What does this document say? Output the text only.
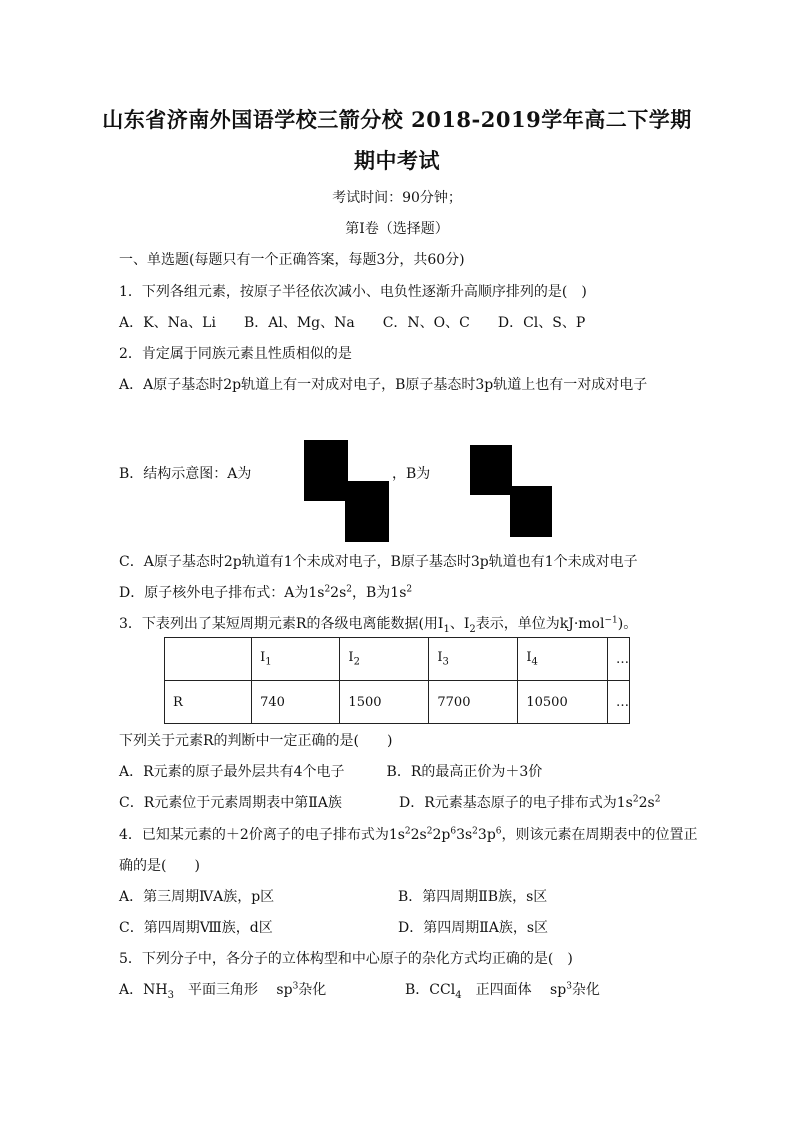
山东省济南外国语学校三箭分校 2018-2019学年高二下学期
期中考试
考试时间：90分钟；
第Ⅰ卷（选择题）
一、单选题(每题只有一个正确答案，每题3分，共60分)
1．下列各组元素，按原子半径依次减小、电负性逐渐升高顺序排列的是(　)
A．K、Na、Li　　B．Al、Mg、Na　　C．N、O、C　　D．Cl、S、P
2．肯定属于同族元素且性质相似的是
A．A原子基态时2p轨道上有一对成对电子，B原子基态时3p轨道上也有一对成对电子
B．结构示意图：A为	，B为
C．A原子基态时2p轨道有1个未成对电子，B原子基态时3p轨道也有1个未成对电子
D．原子核外电子排布式：A为$1s^22s^2$，B为$1s^2$
3．下表列出了某短周期元素R的各级电离能数据(用$I_1$、$I_2$表示，单位为kJ·mol$^{-1}$)。
	$I_1$	$I_2$	$I_3$	$I_4$	…
R	740	1500	7700	10500	…
下列关于元素R的判断中一定正确的是(　　)
A．R元素的原子最外层共有4个电子　　　B．R的最高正价为＋3价
C．R元素位于元素周期表中第ⅡA族	D．R元素基态原子的电子排布式为$1s^22s^2$
4．已知某元素的＋2价离子的电子排布式为$1s^22s^22p^63s^23p^6$，则该元素在周期表中的位置正
确的是(　　)
A．第三周期ⅣA族，p区	B．第四周期ⅡB族，s区
C．第四周期Ⅷ族，d区	D．第四周期ⅡA族，s区
5．下列分子中，各分子的立体构型和中心原子的杂化方式均正确的是(　)
A．$NH_3$　平面三角形　 $sp^3$杂化	B．CCl$_4$　正四面体　 $sp^3$杂化
